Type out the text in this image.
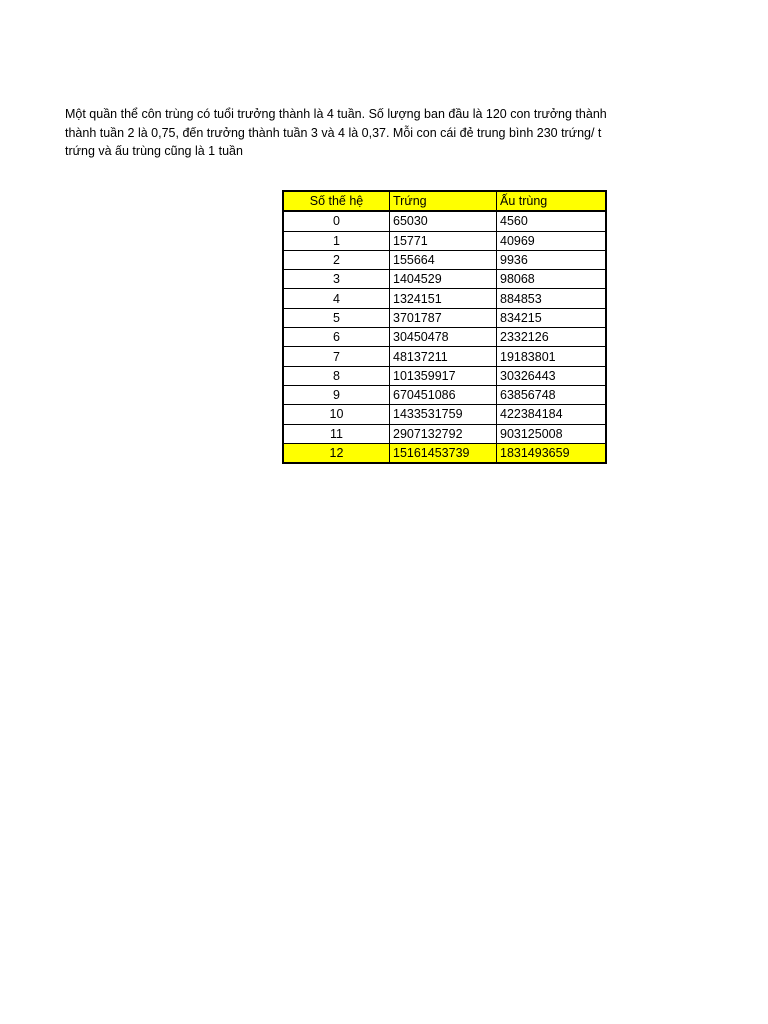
Một quần thể côn trùng có tuổi trưởng thành là 4 tuần. Số lượng ban đầu là 120 con trưởng thành
thành tuần 2 là 0,75, đến trưởng thành tuần 3 và 4 là 0,37. Mỗi con cái đẻ trung bình 230 trứng/ t
trứng và ấu trùng cũng là 1 tuần
Số thế hệ	Trứng	Ấu trùng
0	65030	4560
1	15771	40969
2	155664	9936
3	1404529	98068
4	1324151	884853
5	3701787	834215
6	30450478	2332126
7	48137211	19183801
8	101359917	30326443
9	670451086	63856748
10	1433531759	422384184
11	2907132792	903125008
12	15161453739	1831493659
